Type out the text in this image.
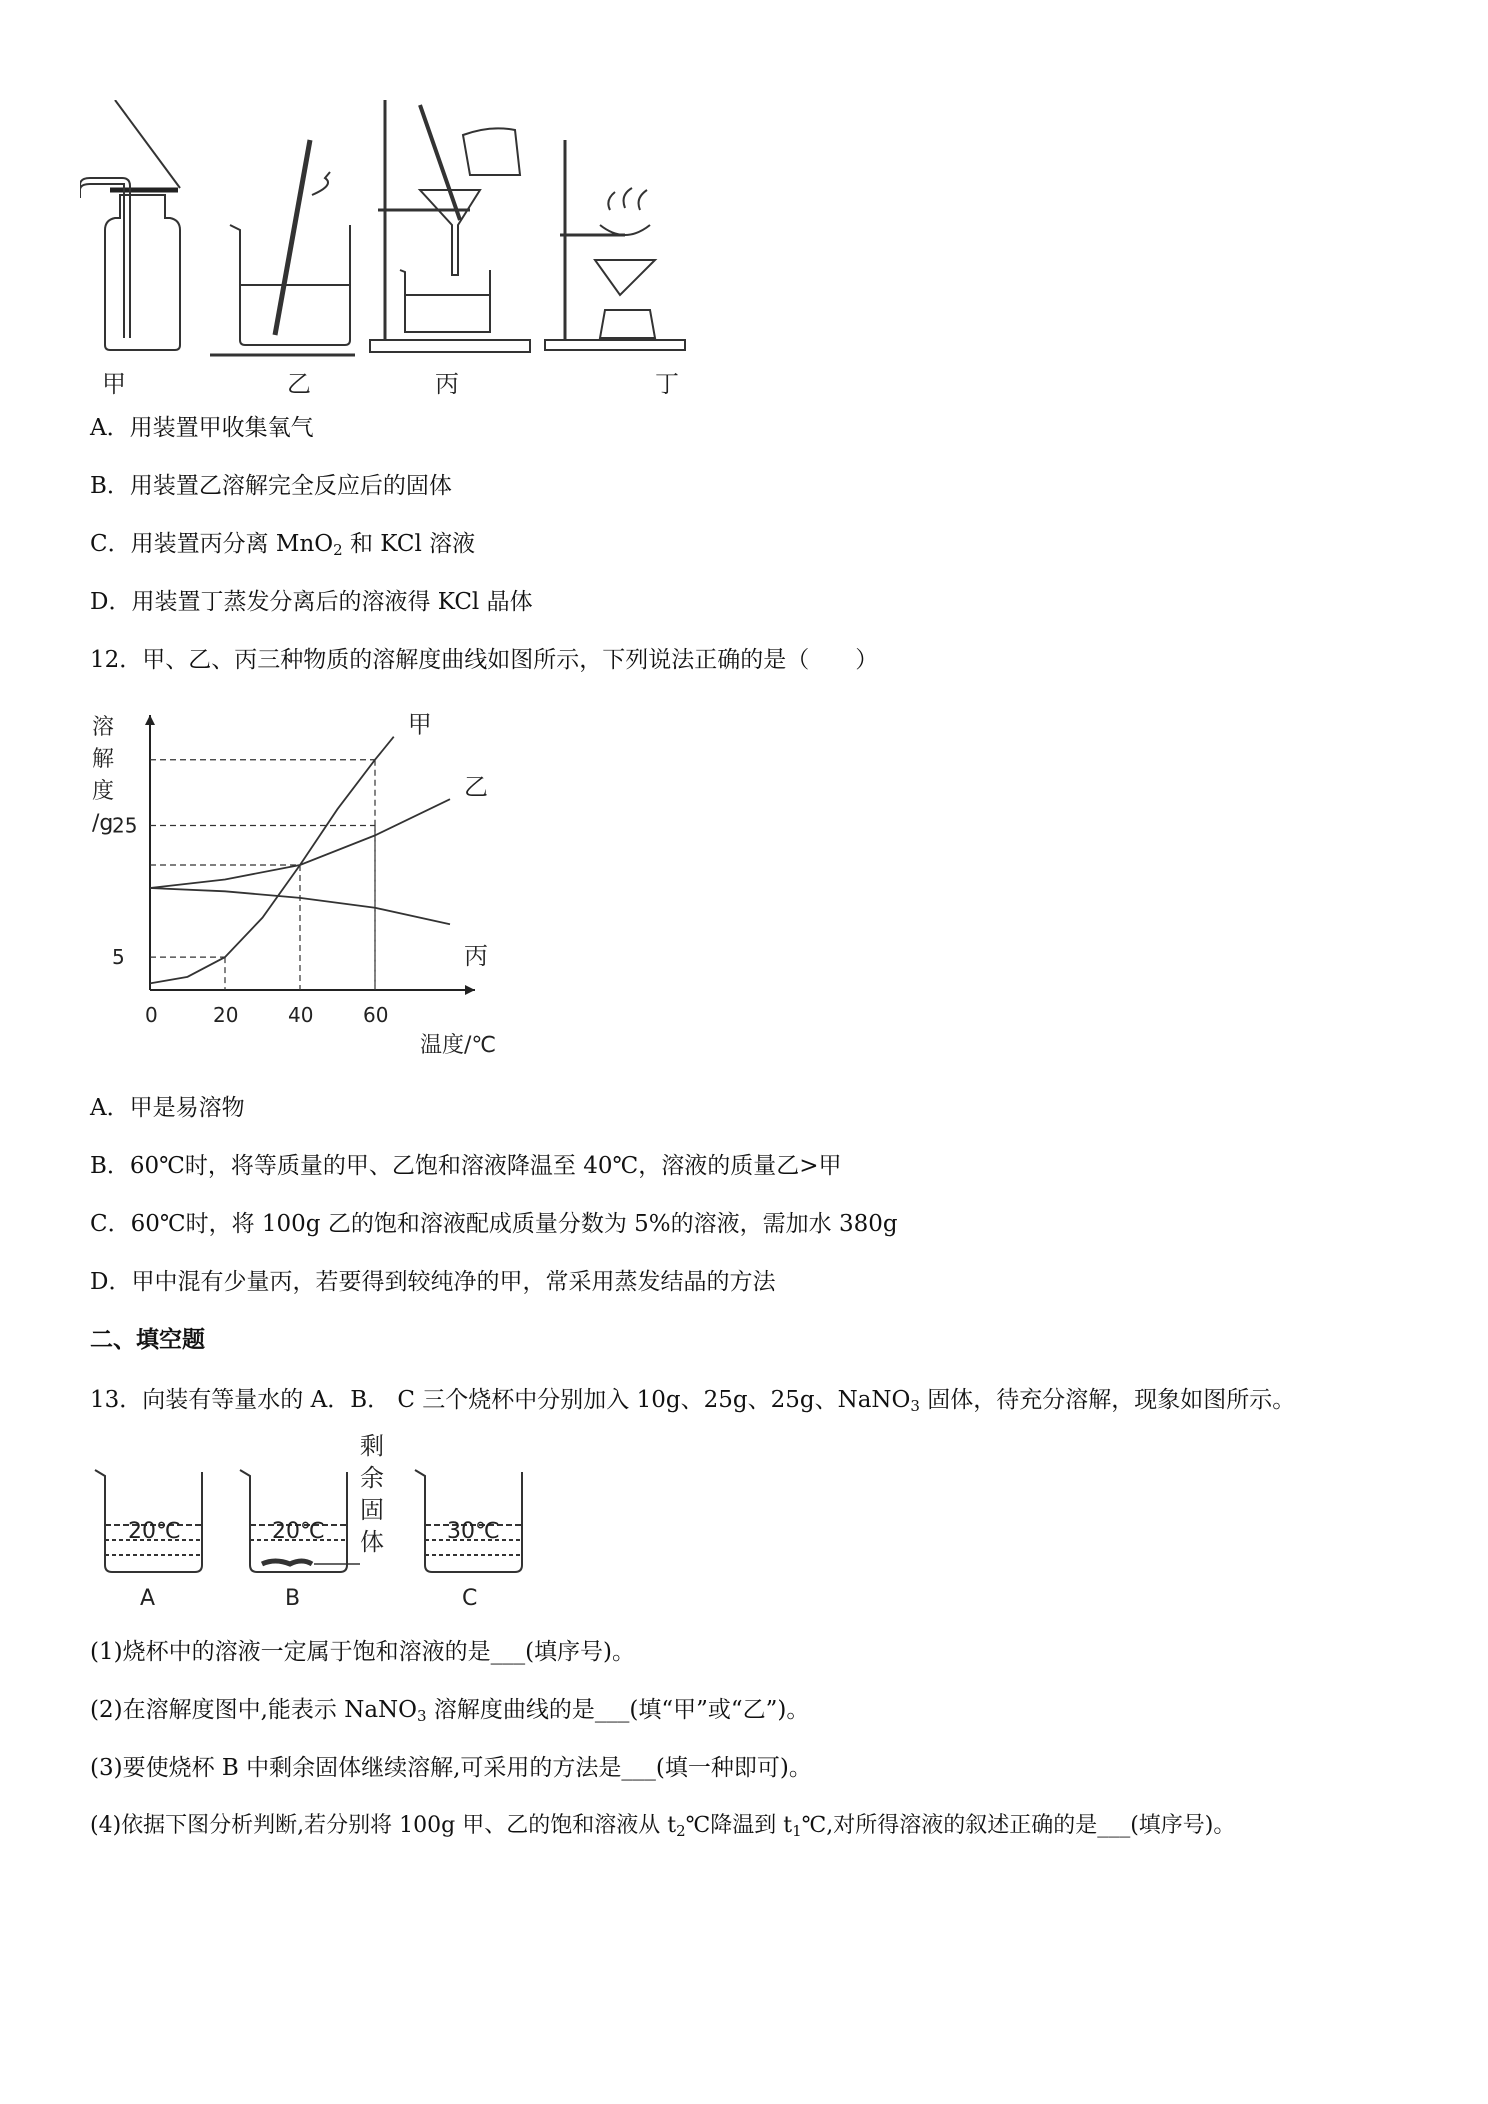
甲	乙	丙	丁
A．用装置甲收集氧气
B．用装置乙溶解完全反应后的固体
C．用装置丙分离 MnO$_2$ 和 KCl 溶液
D．用装置丁蒸发分离后的溶液得 KCl 晶体
12．甲、乙、丙三种物质的溶解度曲线如图所示，下列说法正确的是（　　）
甲
乙
丙
0	20 40 60
5
25
溶
解
度
/g
温度/℃
A．甲是易溶物
B．60℃时，将等质量的甲、乙饱和溶液降温至 40℃，溶液的质量乙>甲
C．60℃时，将 100g 乙的饱和溶液配成质量分数为 5%的溶液，需加水 380g
D．甲中混有少量丙，若要得到较纯净的甲，常采用蒸发结晶的方法
二、填空题
13．向装有等量水的 A．B． C 三个烧杯中分别加入 10g、25g、25g、NaNO$_3$ 固体，待充分溶解，现象如图所示。
20℃	20℃	30℃
剩
余
固
体
A	B	C
(1)烧杯中的溶液一定属于饱和溶液的是___(填序号)。
(2)在溶解度图中,能表示 NaNO$_3$ 溶解度曲线的是___(填“甲”或“乙”)。
(3)要使烧杯 B 中剩余固体继续溶解,可采用的方法是___(填一种即可)。
(4)依据下图分析判断,若分别将 100g 甲、乙的饱和溶液从 $t_2℃$降温到 $t_1℃$,对所得溶液的叙述正确的是___(填序号)。
